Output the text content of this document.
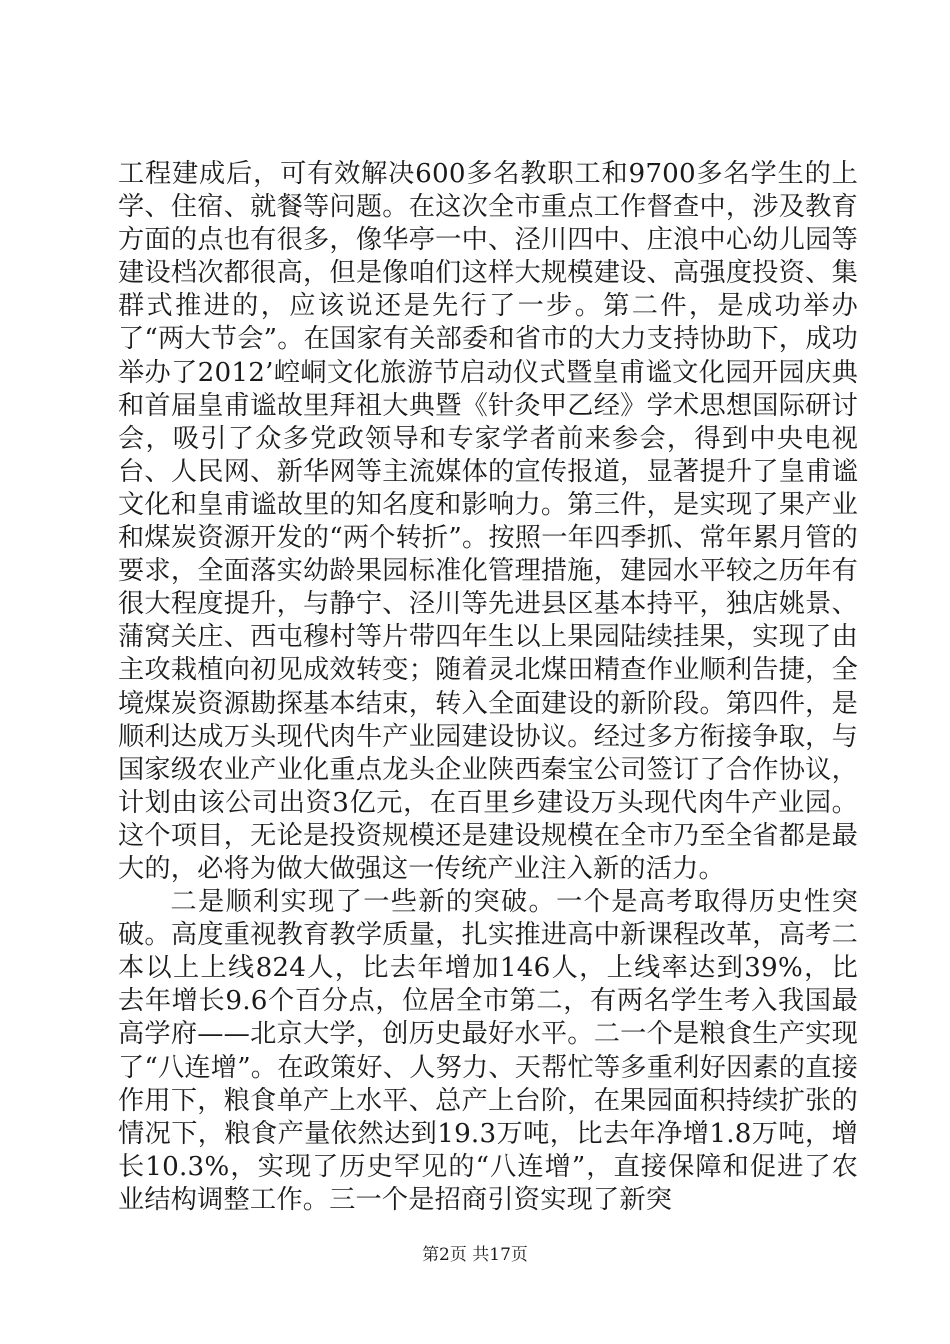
工程建成后，可有效解决600多名教职工和9700多名学生的上学、住宿、就餐等问题。在这次全市重点工作督查中，涉及教育方面的点也有很多，像华亭一中、泾川四中、庄浪中心幼儿园等建设档次都很高，但是像咱们这样大规模建设、高强度投资、集群式推进的，应该说还是先行了一步。第二件，是成功举办了“两大节会”。在国家有关部委和省市的大力支持协助下，成功举办了2012’崆峒文化旅游节启动仪式暨皇甫谧文化园开园庆典和首届皇甫谧故里拜祖大典暨《针灸甲乙经》学术思想国际研讨会，吸引了众多党政领导和专家学者前来参会，得到中央电视台、人民网、新华网等主流媒体的宣传报道，显著提升了皇甫谧文化和皇甫谧故里的知名度和影响力。第三件，是实现了果产业和煤炭资源开发的“两个转折”。按照一年四季抓、常年累月管的要求，全面落实幼龄果园标准化管理措施，建园水平较之历年有很大程度提升，与静宁、泾川等先进县区基本持平，独店姚景、蒲窝关庄、西屯穆村等片带四年生以上果园陆续挂果，实现了由主攻栽植向初见成效转变；随着灵北煤田精查作业顺利告捷，全境煤炭资源勘探基本结束，转入全面建设的新阶段。第四件，是顺利达成万头现代肉牛产业园建设协议。经过多方衔接争取，与国家级农业产业化重点龙头企业陕西秦宝公司签订了合作协议，计划由该公司出资3亿元，在百里乡建设万头现代肉牛产业园。这个项目，无论是投资规模还是建设规模在全市乃至全省都是最大的，必将为做大做强这一传统产业注入新的活力。

二是顺利实现了一些新的突破。一个是高考取得历史性突破。高度重视教育教学质量，扎实推进高中新课程改革，高考二本以上上线824人，比去年增加146人，上线率达到39%，比去年增长9.6个百分点，位居全市第二，有两名学生考入我国最高学府——北京大学，创历史最好水平。二一个是粮食生产实现了“八连增”。在政策好、人努力、天帮忙等多重利好因素的直接作用下，粮食单产上水平、总产上台阶，在果园面积持续扩张的情况下，粮食产量依然达到19.3万吨，比去年净增1.8万吨，增长10.3%，实现了历史罕见的“八连增”，直接保障和促进了农业结构调整工作。三一个是招商引资实现了新突

第2页 共17页
